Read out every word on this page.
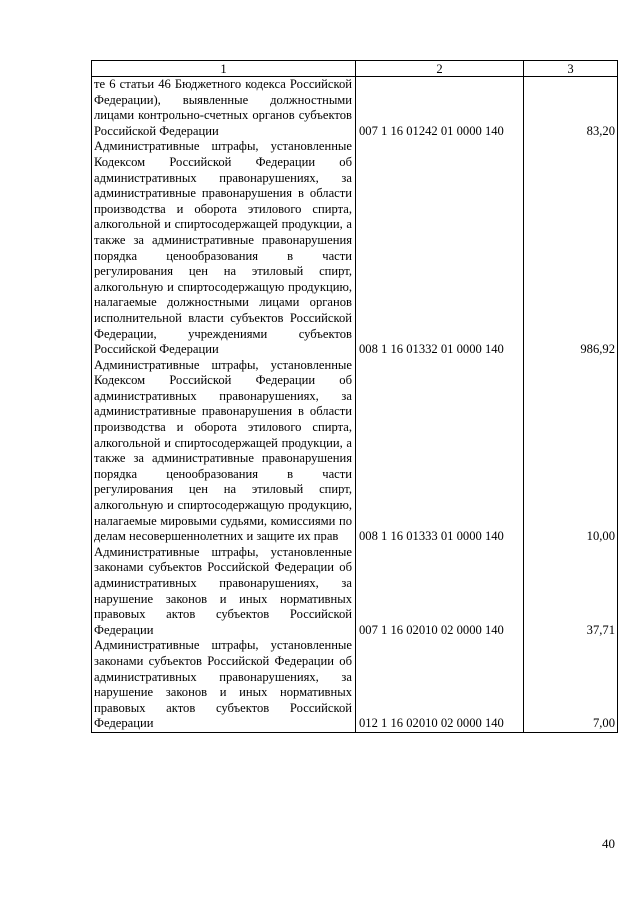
1	2	3
те 6 статьи 46 Бюджетного кодекса Российской Федерации), выявленные должностными лицами контрольно-счетных органов субъектов Российской Федерации	007 1 16 01242 01 0000 140	83,20
Административные штрафы, установленные Кодексом Российской Федерации об административных правонарушениях, за административные правонарушения в области производства и оборота этилового спирта, алкогольной и спиртосодержащей продукции, а также за административные правонарушения порядка ценообразования в части регулирования цен на этиловый спирт, алкогольную и спиртосодержащую продукцию, налагаемые должностными лицами органов исполнительной власти субъектов Российской Федерации, учреждениями субъектов Российской Федерации	008 1 16 01332 01 0000 140	986,92
Административные штрафы, установленные Кодексом Российской Федерации об административных правонарушениях, за административные правонарушения в области производства и оборота этилового спирта, алкогольной и спиртосодержащей продукции, а также за административные правонарушения порядка ценообразования в части регулирования цен на этиловый спирт, алкогольную и спиртосодержащую продукцию, налагаемые мировыми судьями, комиссиями по делам несовершеннолетних и защите их прав	008 1 16 01333 01 0000 140	10,00
Административные штрафы, установленные законами субъектов Российской Федерации об административных правонарушениях, за нарушение законов и иных нормативных правовых актов субъектов Российской Федерации	007 1 16 02010 02 0000 140	37,71
Административные штрафы, установленные законами субъектов Российской Федерации об административных правонарушениях, за нарушение законов и иных нормативных правовых актов субъектов Российской Федерации	012 1 16 02010 02 0000 140	7,00
40
